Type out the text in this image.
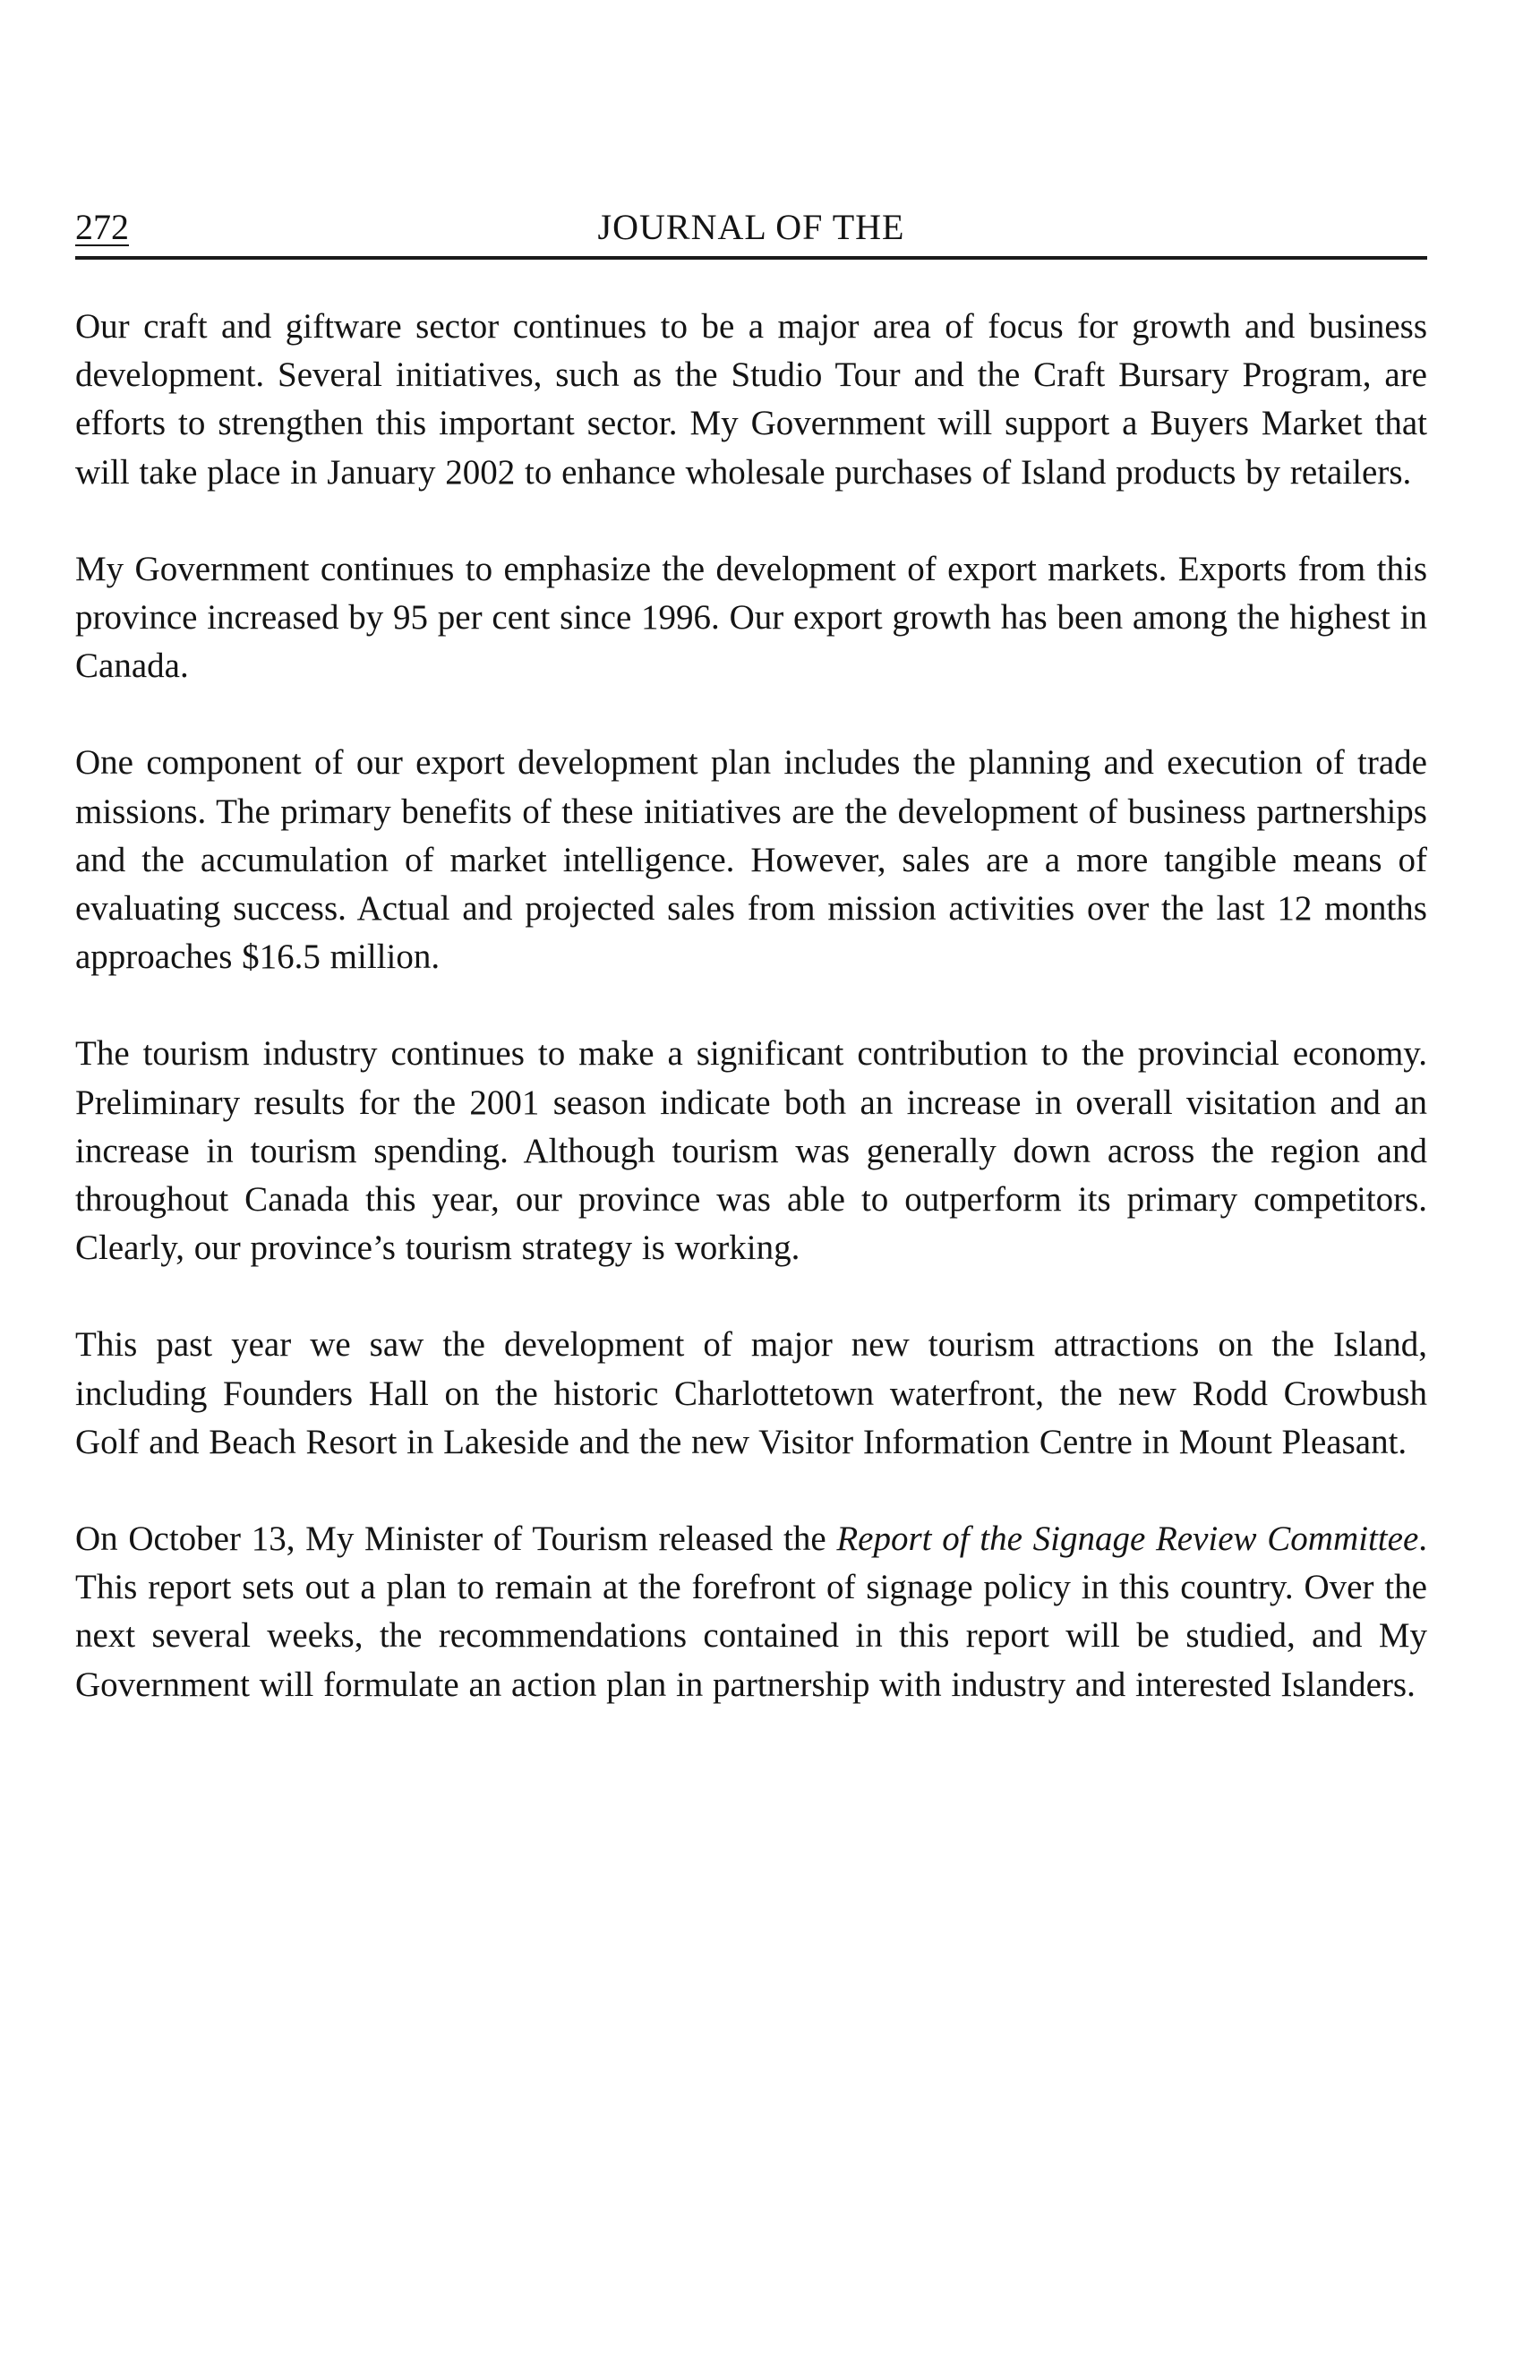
272	JOURNAL OF THE

Our craft and giftware sector continues to be a major area of focus for growth and business development. Several initiatives, such as the Studio Tour and the Craft Bursary Program, are efforts to strengthen this important sector. My Government will support a Buyers Market that will take place in January 2002 to enhance wholesale purchases of Island products by retailers.

My Government continues to emphasize the development of export markets. Exports from this province increased by 95 per cent since 1996. Our export growth has been among the highest in Canada.

One component of our export development plan includes the planning and execution of trade missions. The primary benefits of these initiatives are the development of business partnerships and the accumulation of market intelligence. However, sales are a more tangible means of evaluating success. Actual and projected sales from mission activities over the last 12 months approaches $16.5 million.

The tourism industry continues to make a significant contribution to the provincial economy. Preliminary results for the 2001 season indicate both an increase in overall visitation and an increase in tourism spending. Although tourism was generally down across the region and throughout Canada this year, our province was able to outperform its primary competitors. Clearly, our province’s tourism strategy is working.

This past year we saw the development of major new tourism attractions on the Island, including Founders Hall on the historic Charlottetown waterfront, the new Rodd Crowbush Golf and Beach Resort in Lakeside and the new Visitor Information Centre in Mount Pleasant.

On October 13, My Minister of Tourism released the Report of the Signage Review Committee. This report sets out a plan to remain at the forefront of signage policy in this country. Over the next several weeks, the recommendations contained in this report will be studied, and My Government will formulate an action plan in partnership with industry and interested Islanders.
